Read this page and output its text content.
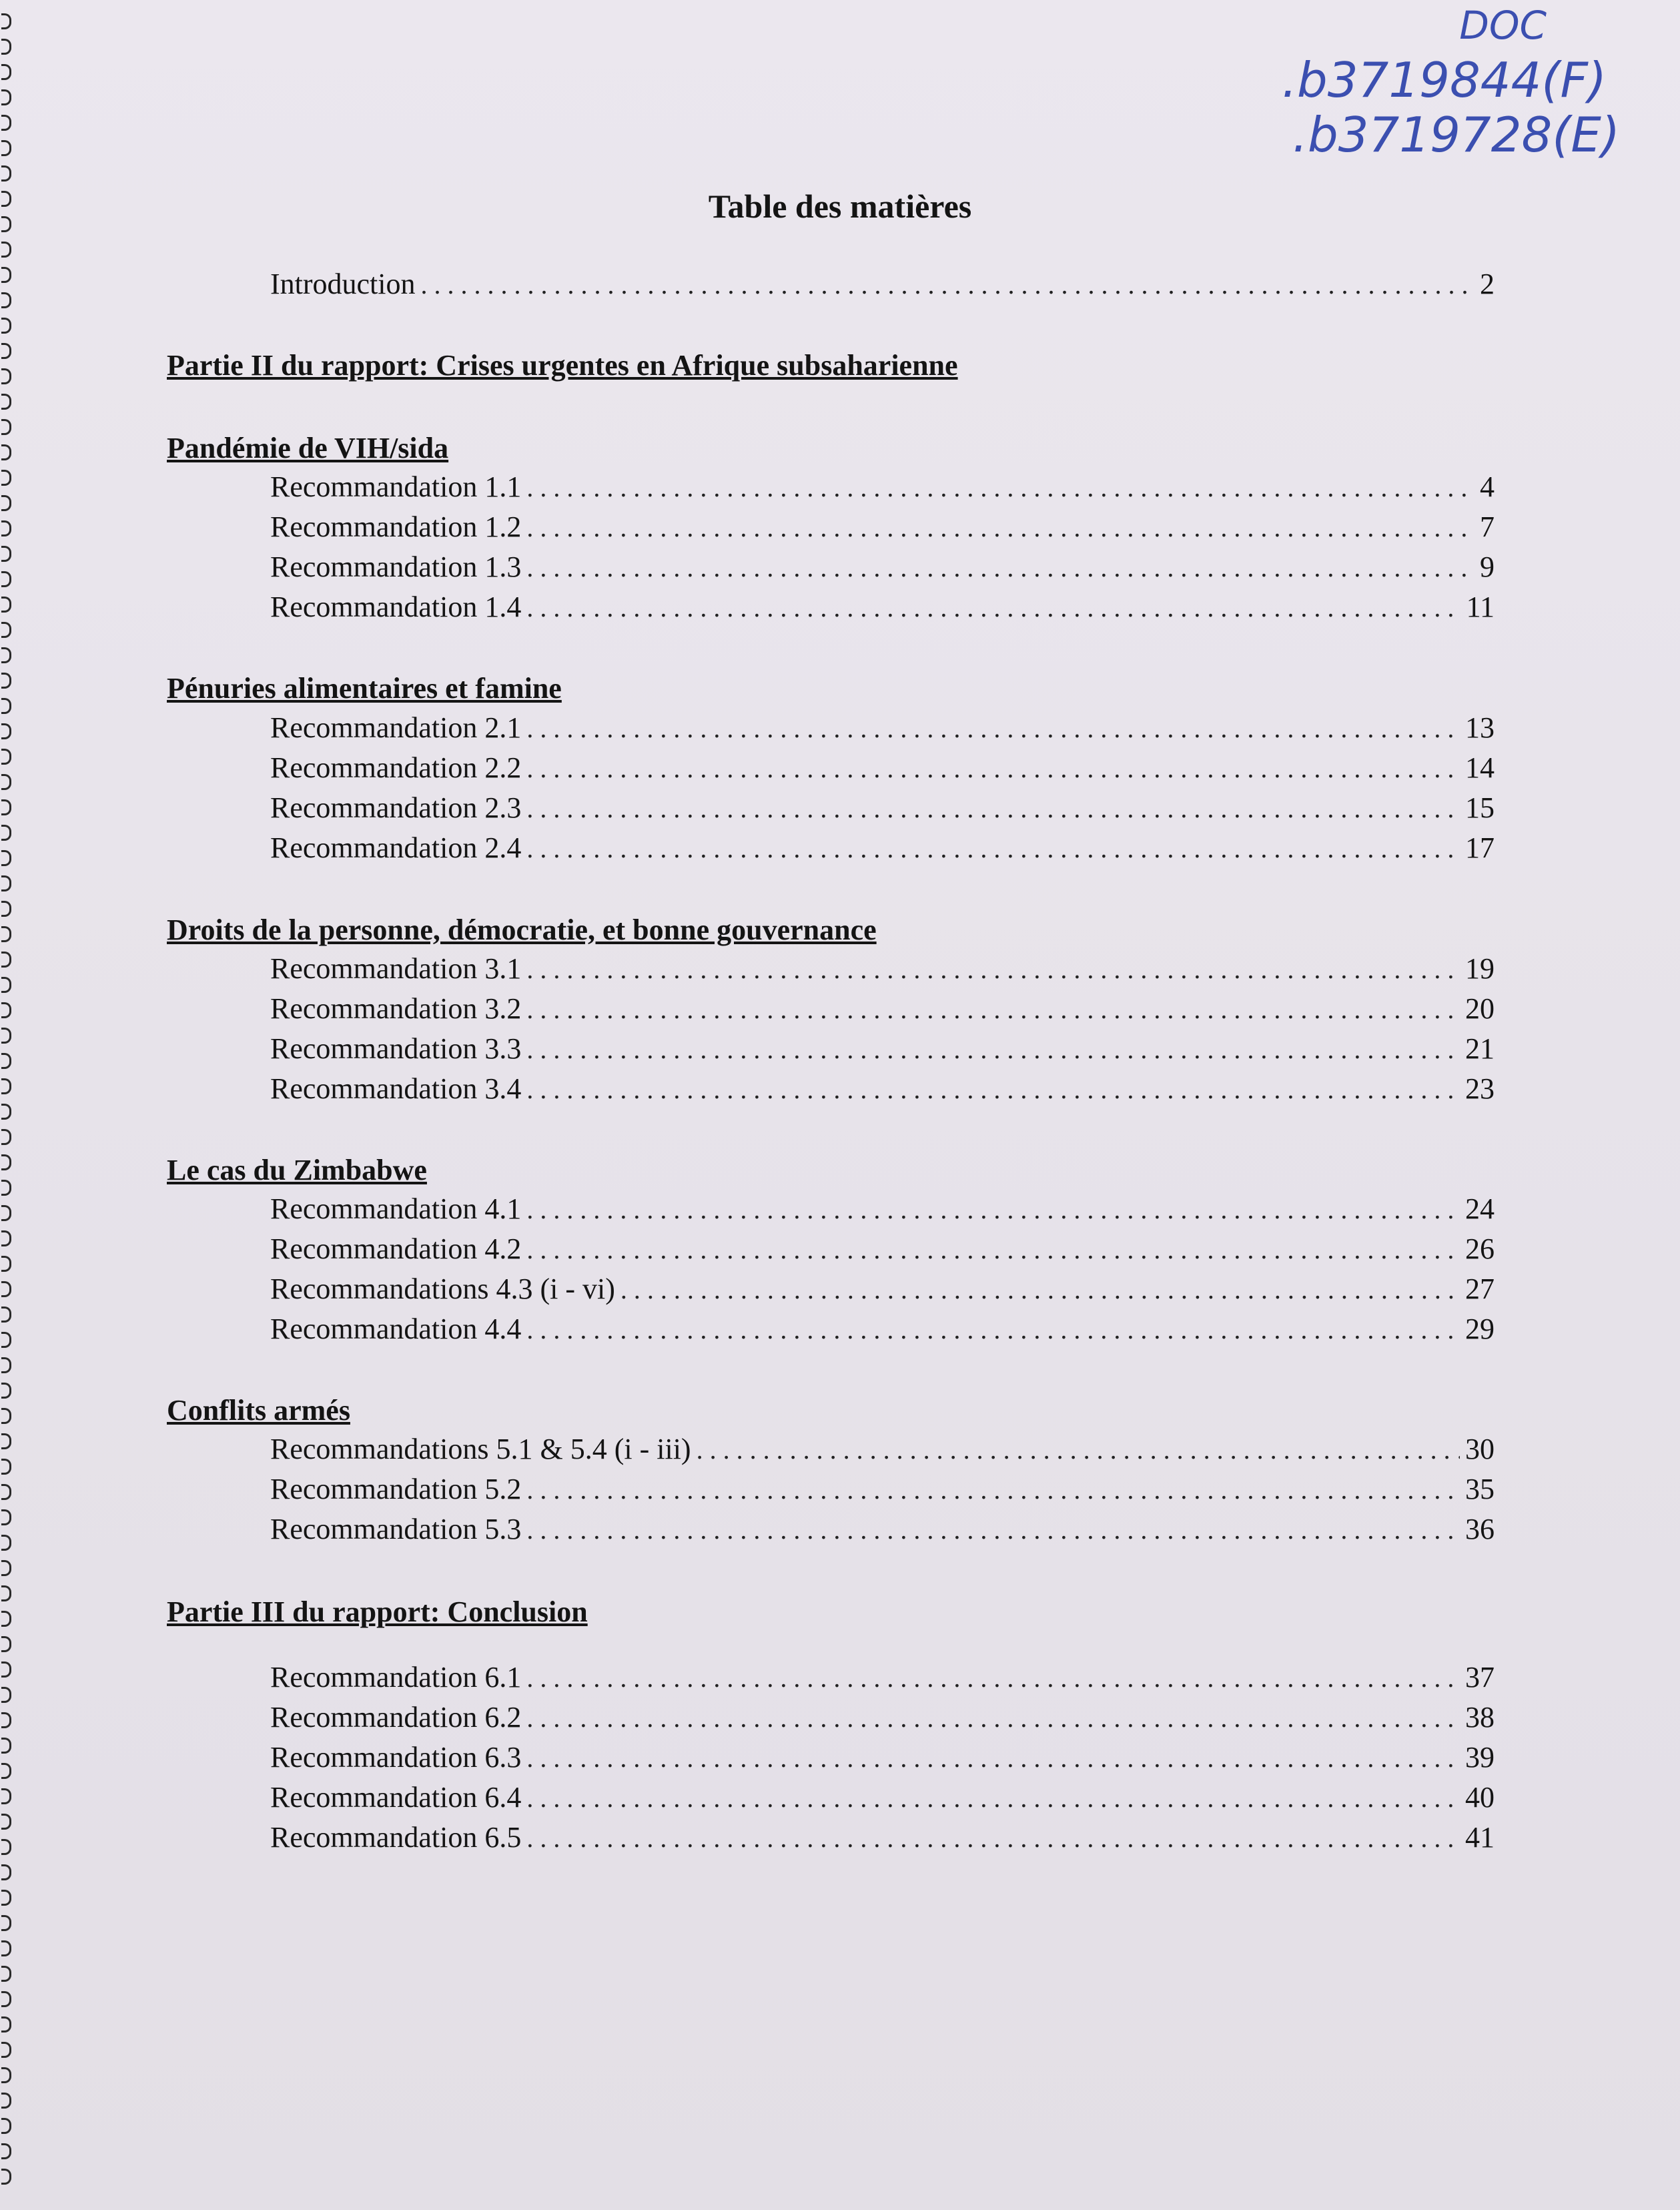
DOC
.b3719844(F)
.b3719728(E)
Table des matières
Introduction . . .	2
Partie II du rapport: Crises urgentes en Afrique subsaharienne
Pandémie de VIH/sida
Recommandation 1.1 . . .	4
Recommandation 1.2 . . .	7
Recommandation 1.3 . . .	9
Recommandation 1.4 . . .	11
Pénuries alimentaires et famine
Recommandation 2.1 . . .	13
Recommandation 2.2 . . .	14
Recommandation 2.3 . . .	15
Recommandation 2.4 . . .	17
Droits de la personne, démocratie, et bonne gouvernance
Recommandation 3.1 . . .	19
Recommandation 3.2 . . .	20
Recommandation 3.3 . . .	21
Recommandation 3.4 . . .	23
Le cas du Zimbabwe
Recommandation 4.1 . . .	24
Recommandation 4.2 . . .	26
Recommandations 4.3 (i - vi) . . .	27
Recommandation 4.4 . . .	29
Conflits armés
Recommandations 5.1 & 5.4 (i - iii) . . .	30
Recommandation 5.2 . . .	35
Recommandation 5.3 . . .	36
Partie III du rapport: Conclusion
Recommandation 6.1 . . .	37
Recommandation 6.2 . . .	38
Recommandation 6.3 . . .	39
Recommandation 6.4 . . .	40
Recommandation 6.5 . . .	41
